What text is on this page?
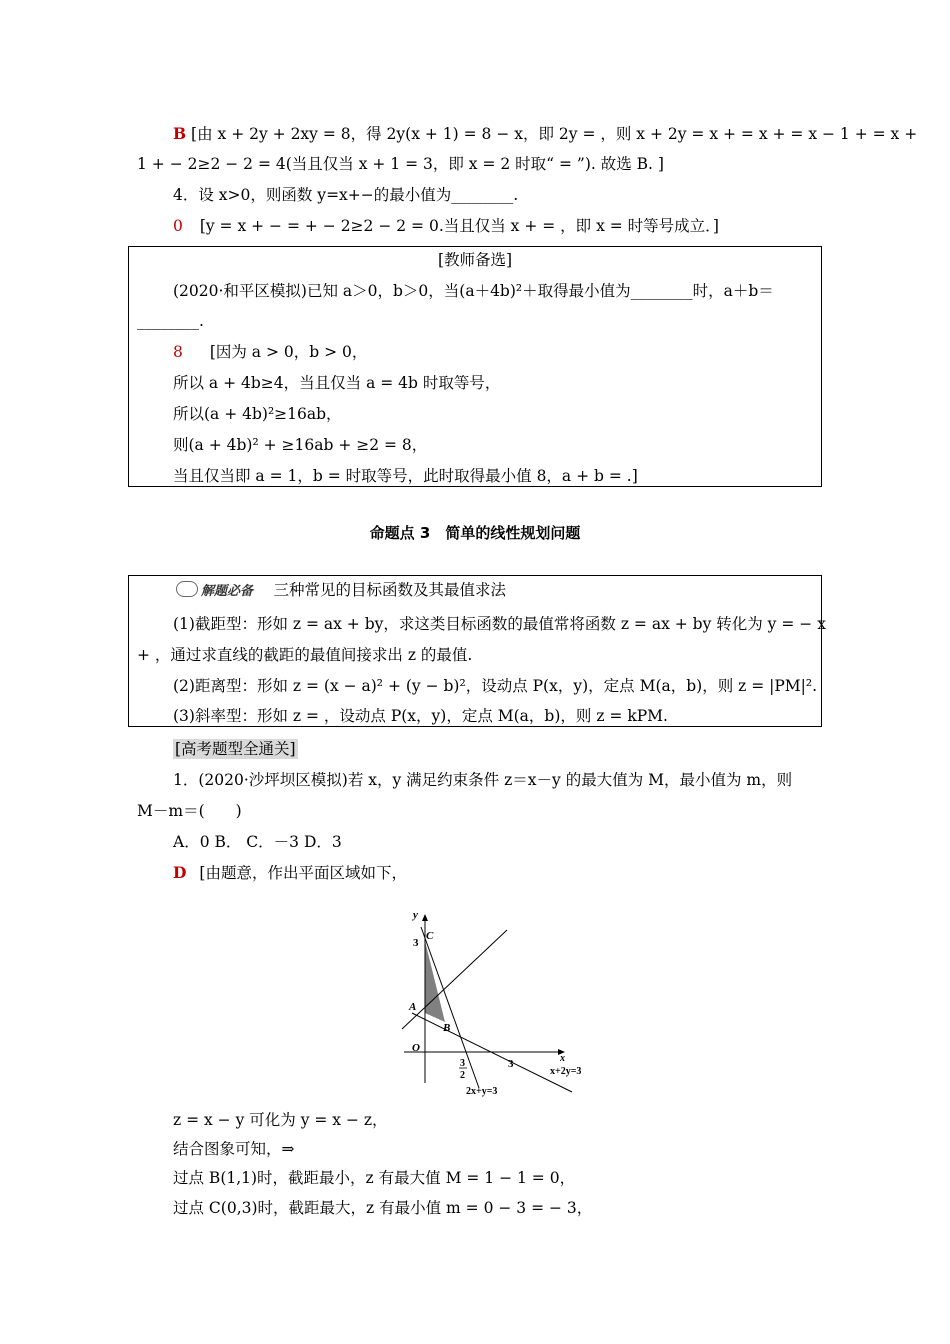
B [由 x + 2y + 2xy = 8，得 2y(x + 1) = 8 − x，即 2y = ，则 x + 2y = x + = x + = x − 1 + = x +
1 + − 2≥2 − 2 = 4(当且仅当 x + 1 = 3，即 x = 2 时取“ = ”). 故选 B. ]
4．设 x>0，则函数 y=x+−的最小值为________.
0 [y = x + − = + − 2≥2 − 2 = 0.当且仅当 x + = ，即 x = 时等号成立．]
[教师备选]
(2020·和平区模拟)已知 a＞0，b＞0，当(a＋4b)²＋取得最小值为________时，a＋b＝
________.
8 [因为 a > 0，b > 0，
所以 a + 4b≥4，当且仅当 a = 4b 时取等号，
所以(a + 4b)²≥16ab，
则(a + 4b)² + ≥16ab + ≥2 = 8，
当且仅当即 a = 1，b = 时取等号，此时取得最小值 8，a + b = .]
命题点 3　简单的线性规划问题
解题必备 三种常见的目标函数及其最值求法
(1)截距型：形如 z = ax + by，求这类目标函数的最值常将函数 z = ax + by 转化为 y = − x
+ ，通过求直线的截距的最值间接求出 z 的最值.
(2)距离型：形如 z = (x − a)² + (y − b)²，设动点 P(x，y)，定点 M(a，b)，则 z = |PM|².
(3)斜率型：形如 z = ，设动点 P(x，y)，定点 M(a，b)，则 z = kPM.
[高考题型全通关]
1．(2020·沙坪坝区模拟)若 x，y 满足约束条件 z＝x－y 的最大值为 M，最小值为 m，则
M－m＝(　　)
A．0 B． C．－3 D．3
D [由题意，作出平面区域如下，
y
3
C
A
B
O
3
2
3	x
x+2y=3
2x+y=3
z = x − y 可化为 y = x − z，
结合图象可知，⇒
过点 B(1,1)时，截距最小，z 有最大值 M = 1 − 1 = 0，
过点 C(0,3)时，截距最大，z 有最小值 m = 0 − 3 = − 3，
